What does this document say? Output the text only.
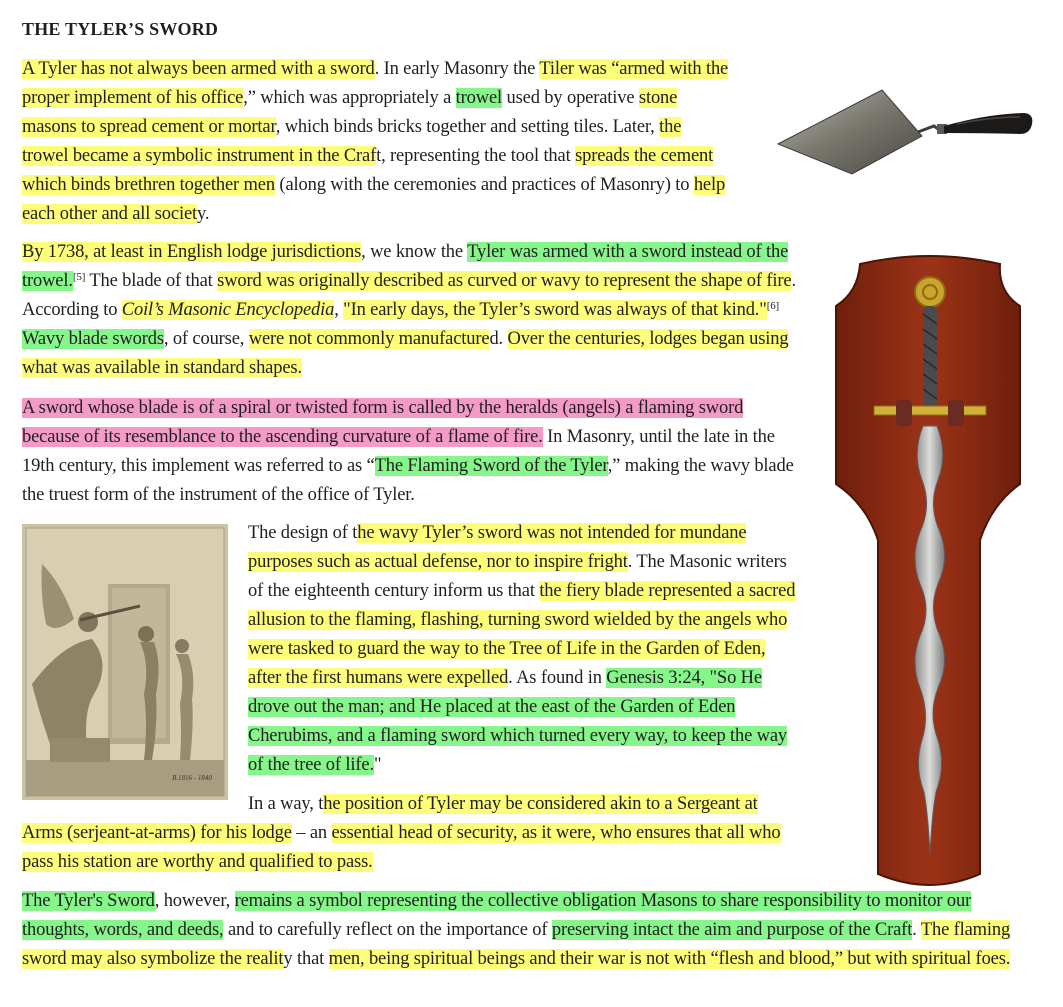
THE TYLER’S SWORD

A Tyler has not always been armed with a sword. In early Masonry the Tiler was “armed with the proper implement of his office,” which was appropriately a trowel used by operative stone masons to spread cement or mortar, which binds bricks together and setting tiles. Later, the trowel became a symbolic instrument in the Craft, representing the tool that spreads the cement which binds brethren together men (along with the ceremonies and practices of Masonry) to help each other and all society.

By 1738, at least in English lodge jurisdictions, we know the Tyler was armed with a sword instead of the trowel.[5] The blade of that sword was originally described as curved or wavy to represent the shape of fire. According to Coil’s Masonic Encyclopedia, "In early days, the Tyler’s sword was always of that kind."[6] Wavy blade swords, of course, were not commonly manufactured. Over the centuries, lodges began using what was available in standard shapes.

A sword whose blade is of a spiral or twisted form is called by the heralds (angels) a flaming sword because of its resemblance to the ascending curvature of a flame of fire. In Masonry, until the late in the 19th century, this implement was referred to as “The Flaming Sword of the Tyler,” making the wavy blade the truest form of the instrument of the office of Tyler.

The design of the wavy Tyler’s sword was not intended for mundane purposes such as actual defense, nor to inspire fright. The Masonic writers of the eighteenth century inform us that the fiery blade represented a sacred allusion to the flaming, flashing, turning sword wielded by the angels who were tasked to guard the way to the Tree of Life in the Garden of Eden, after the first humans were expelled. As found in Genesis 3:24, "So He drove out the man; and He placed at the east of the Garden of Eden Cherubims, and a flaming sword which turned every way, to keep the way of the tree of life."

In a way, the position of Tyler may be considered akin to a Sergeant at Arms (serjeant-at-arms) for his lodge – an essential head of security, as it were, who ensures that all who pass his station are worthy and qualified to pass.

The Tyler's Sword, however, remains a symbol representing the collective obligation Masons to share responsibility to monitor our thoughts, words, and deeds, and to carefully reflect on the importance of preserving intact the aim and purpose of the Craft. The flaming sword may also symbolize the reality that men, being spiritual beings and their war is not with “flesh and blood,” but with spiritual foes.

B.1816 - 1840
